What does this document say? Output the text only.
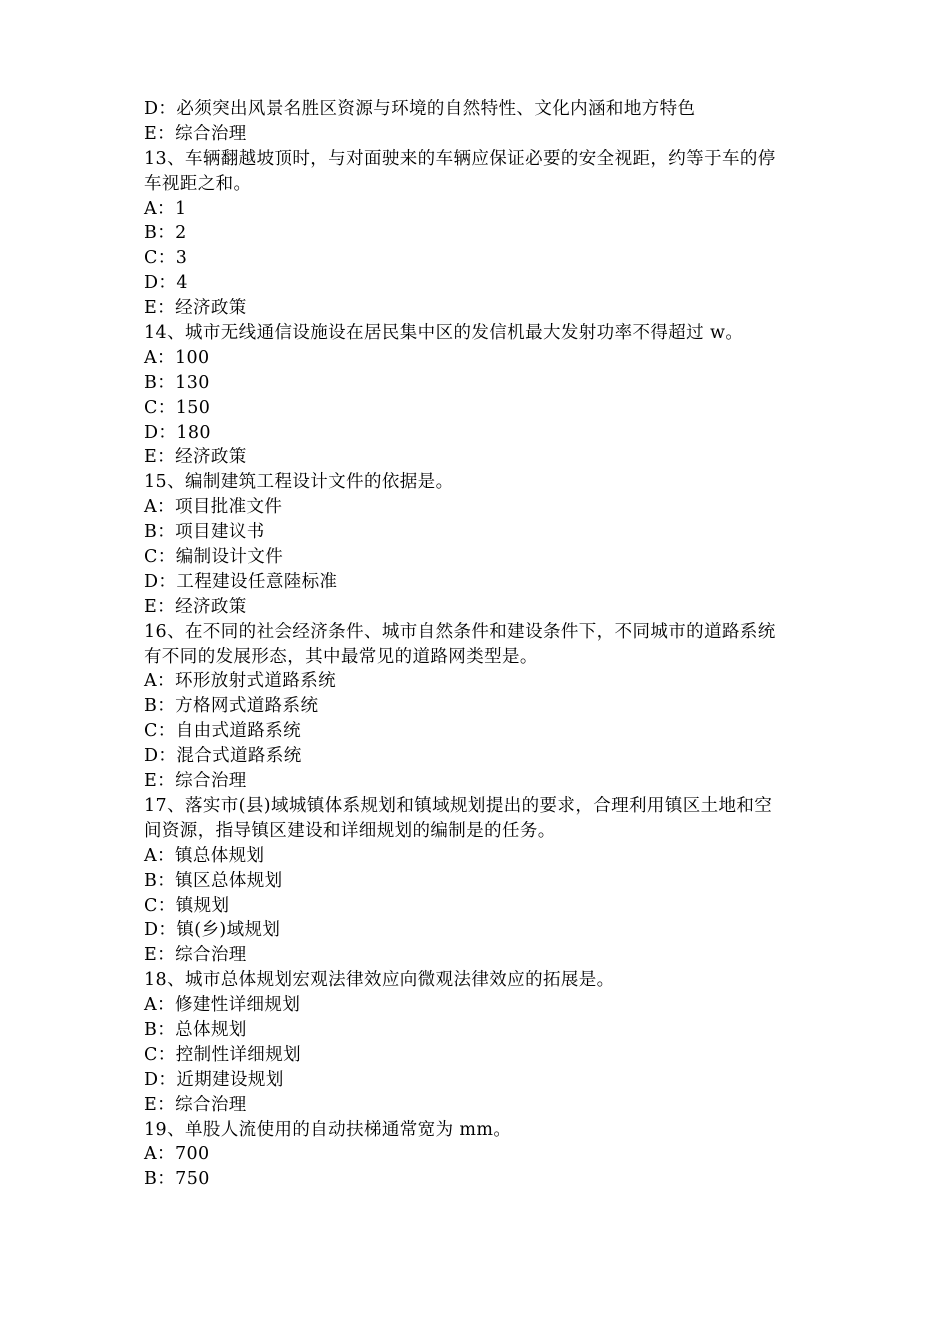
D：必须突出风景名胜区资源与环境的自然特性、文化内涵和地方特色
E：综合治理
13、车辆翻越坡顶时，与对面驶来的车辆应保证必要的安全视距，约等于车的停
车视距之和。
A：1
B：2
C：3
D：4
E：经济政策
14、城市无线通信设施设在居民集中区的发信机最大发射功率不得超过 w。
A：100
B：130
C：150
D：180
E：经济政策
15、编制建筑工程设计文件的依据是。
A：项目批准文件
B：项目建议书
C：编制设计文件
D：工程建设任意陸标准
E：经济政策
16、在不同的社会经济条件、城市自然条件和建设条件下，不同城市的道路系统
有不同的发展形态，其中最常见的道路网类型是。
A：环形放射式道路系统
B：方格网式道路系统
C：自由式道路系统
D：混合式道路系统
E：综合治理
17、落实市(县)域城镇体系规划和镇域规划提出的要求，合理利用镇区土地和空
间资源，指导镇区建设和详细规划的编制是的任务。
A：镇总体规划
B：镇区总体规划
C：镇规划
D：镇(乡)域规划
E：综合治理
18、城市总体规划宏观法律效应向微观法律效应的拓展是。
A：修建性详细规划
B：总体规划
C：控制性详细规划
D：近期建设规划
E：综合治理
19、单股人流使用的自动扶梯通常宽为 mm。
A：700
B：750
